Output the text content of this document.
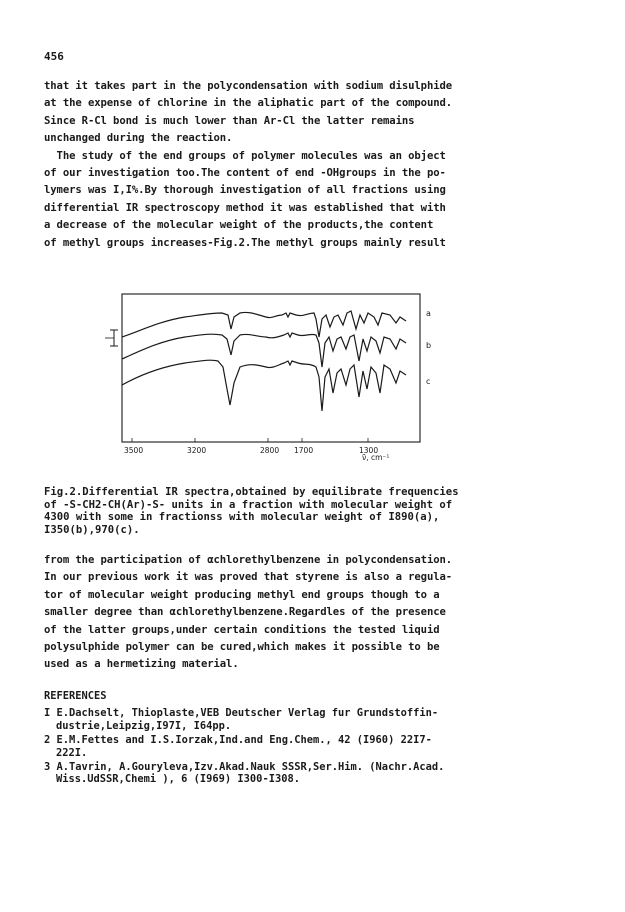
456
that it takes part in the polycondensation with sodium disulphide
at the expense of chlorine in the aliphatic part of the compound.
Since R-Cl bond is much lower than Ar-Cl the latter remains
unchanged during the reaction.
The study of the end groups of polymer molecules was an object
of our investigation too.The content of end -OHgroups in the po-
lymers was I,I%.By thorough investigation of all fractions using
differential IR spectroscopy method it was established that with
a decrease of the molecular weight of the products,the content
of methyl groups increases-Fig.2.The methyl groups mainly result
a
b
c
3500	3200	2800 1700	1300
ν̃, cm⁻¹
Fig.2.Differential IR spectra,obtained by equilibrate frequencies
of -S-CH2-CH(Ar)-S- units in a fraction with molecular weight of
4300 with some in fractionss with molecular weight of I890(a),
I350(b),970(c).
from the participation of αchlorethylbenzene in polycondensation.
In our previous work it was proved that styrene is also a regula-
tor of molecular weight producing methyl end groups though to a
smaller degree than αchlorethylbenzene.Regardles of the presence
of the latter groups,under certain conditions the tested liquid
polysulphide polymer can be cured,which makes it possible to be
used as a hermetizing material.
REFERENCES
I E.Dachselt, Thioplaste,VEB Deutscher Verlag fur Grundstoffin-
dustrie,Leipzig,I97I, I64pp.
2 E.M.Fettes and I.S.Iorzak,Ind.and Eng.Chem., 42 (I960) 22I7-
222I.
3 A.Tavrin, A.Gouryleva,Izv.Akad.Nauk SSSR,Ser.Him. (Nachr.Acad.
Wiss.UdSSR,Chemi ), 6 (I969) I300-I308.
